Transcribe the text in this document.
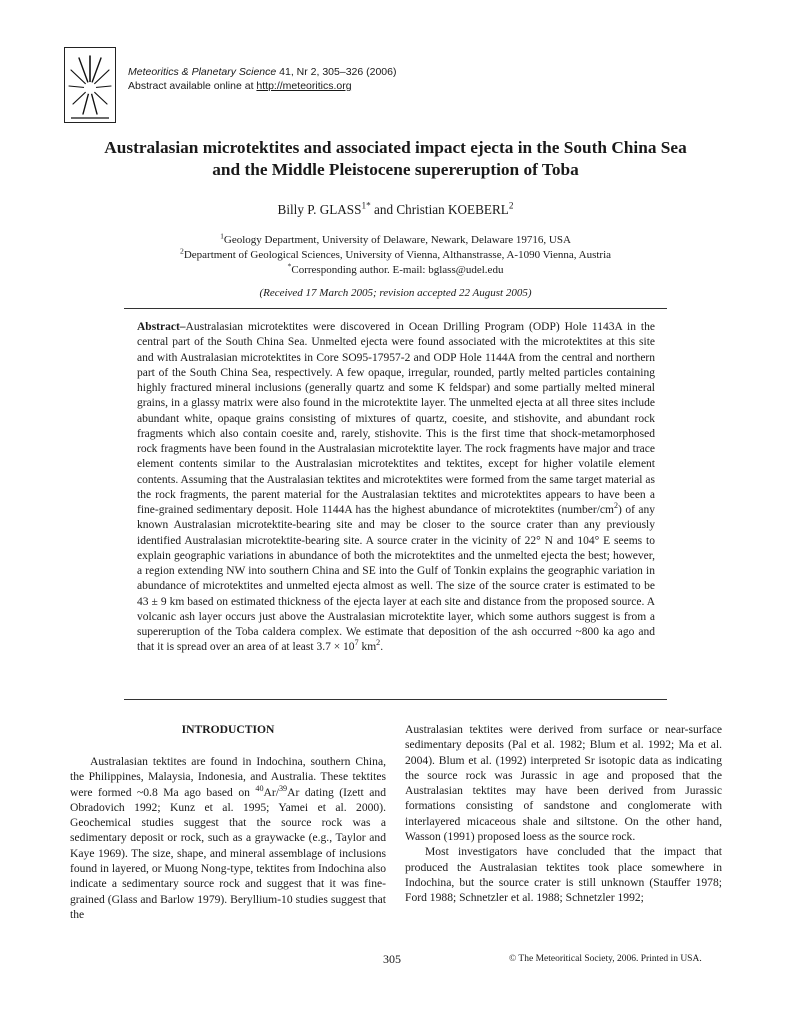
Meteoritics & Planetary Science 41, Nr 2, 305–326 (2006)
Abstract available online at http://meteoritics.org
Australasian microtektites and associated impact ejecta in the South China Sea
and the Middle Pleistocene supereruption of Toba
Billy P. $GLASS^{1*}$ and Christian KOEBERL$^2$
$^1$Geology Department, University of Delaware, Newark, Delaware 19716, USA
$^2$Department of Geological Sciences, University of Vienna, Althanstrasse, A-1090 Vienna, Austria
*Corresponding author. E-mail: bglass@udel.edu
(Received 17 March 2005; revision accepted 22 August 2005)
Abstract–Australasian microtektites were discovered in Ocean Drilling Program (ODP) Hole 1143A in the central part of the South China Sea. Unmelted ejecta were found associated with the microtektites at this site and with Australasian microtektites in Core SO95-17957-2 and ODP Hole 1144A from the central and northern part of the South China Sea, respectively. A few opaque, irregular, rounded, partly melted particles containing highly fractured mineral inclusions (generally quartz and some K feldspar) and some partially melted mineral grains, in a glassy matrix were also found in the microtektite layer. The unmelted ejecta at all three sites include abundant white, opaque grains consisting of mixtures of quartz, coesite, and stishovite, and abundant rock fragments which also contain coesite and, rarely, stishovite. This is the first time that shock-metamorphosed rock fragments have been found in the Australasian microtektite layer. The rock fragments have major and trace element contents similar to the Australasian microtektites and tektites, except for higher volatile element contents. Assuming that the Australasian tektites and microtektites were formed from the same target material as the rock fragments, the parent material for the Australasian tektites and microtektites appears to have been a fine-grained sedimentary deposit. Hole 1144A has the highest abundance of microtektites $(number/cm^2)$ of any known Australasian microtektite-bearing site and may be closer to the source crater than any previously identified Australasian microtektite-bearing site. A source crater in the vicinity of 22° N and 104° E seems to explain geographic variations in abundance of both the microtektites and the unmelted ejecta the best; however, a region extending NW into southern China and SE into the Gulf of Tonkin explains the geographic variation in abundance of microtektites and unmelted ejecta almost as well. The size of the source crater is estimated to be 43 ± 9 km based on estimated thickness of the ejecta layer at each site and distance from the proposed source. A volcanic ash layer occurs just above the Australasian microtektite layer, which some authors suggest is from a supereruption of the Toba caldera complex. We estimate that deposition of the ash occurred ~800 ka ago and that it is spread over an area of at least $3.7 \times 10^7$ $km^2$.
INTRODUCTION

Australasian tektites are found in Indochina, southern China, the Philippines, Malaysia, Indonesia, and Australia. These tektites were formed ~0.8 Ma ago based on $^{40}$Ar/$^{39}$Ar dating (Izett and Obradovich 1992; Kunz et al. 1995; Yamei et al. 2000). Geochemical studies suggest that the source rock was a sedimentary deposit or rock, such as a graywacke (e.g., Taylor and Kaye 1969). The size, shape, and mineral assemblage of inclusions found in layered, or Muong Nong-type, tektites from Indochina also indicate a sedimentary source rock and suggest that it was fine-grained (Glass and Barlow 1979). Beryllium-10 studies suggest that the

Australasian tektites were derived from surface or near-surface sedimentary deposits (Pal et al. 1982; Blum et al. 1992; Ma et al. 2004). Blum et al. (1992) interpreted Sr isotopic data as indicating the source rock was Jurassic in age and proposed that the Australasian tektites may have been derived from Jurassic formations consisting of sandstone and conglomerate with interlayered micaceous shale and siltstone. On the other hand, Wasson (1991) proposed loess as the source rock.

Most investigators have concluded that the impact that produced the Australasian tektites took place somewhere in Indochina, but the source crater is still unknown (Stauffer 1978; Ford 1988; Schnetzler et al. 1988; Schnetzler 1992;

305	© The Meteoritical Society, 2006. Printed in USA.
